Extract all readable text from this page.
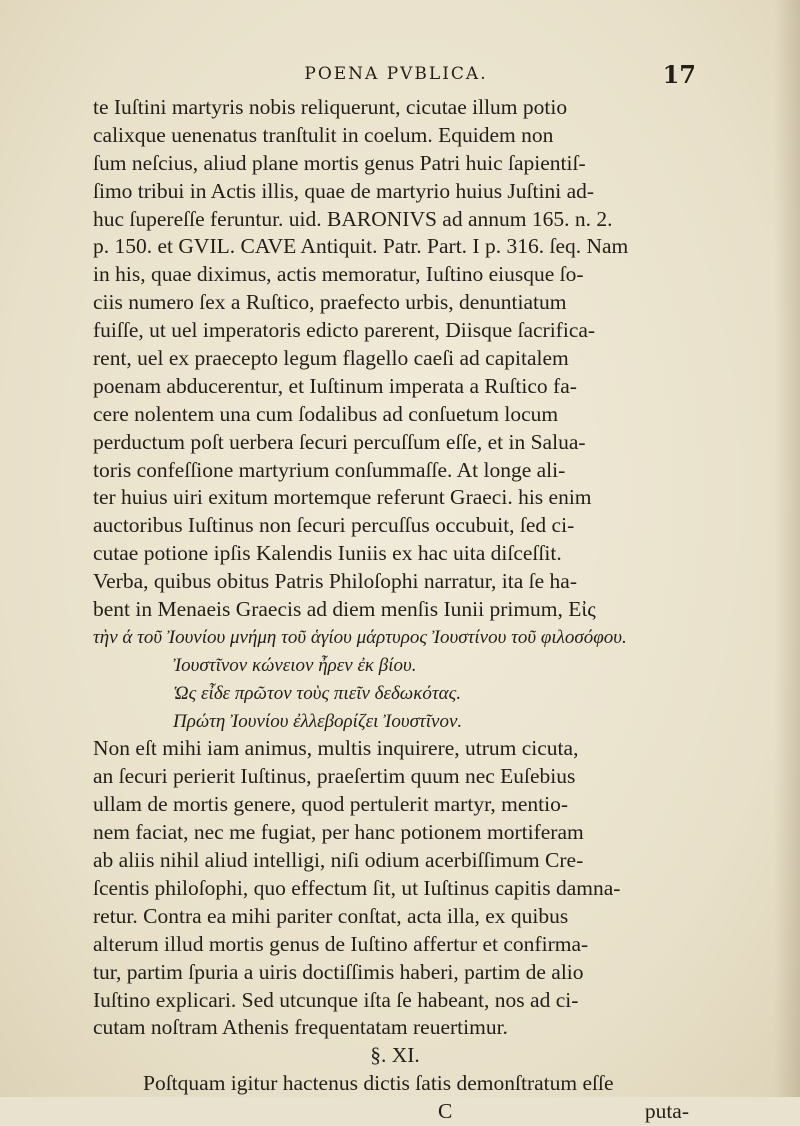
POENA PVBLICA.	17
te Iuſtini martyris nobis reliquerunt, cicutae illum potio
calixque uenenatus tranſtulit in coelum. Equidem non
ſum neſcius, aliud plane mortis genus Patri huic ſapientiſ-
ſimo tribui in Actis illis, quae de martyrio huius Juſtini ad-
huc ſupereſſe feruntur. uid. BARONIVS ad annum 165. n. 2.
p. 150. et GVIL. CAVE Antiquit. Patr. Part. I p. 316. ſeq. Nam
in his, quae diximus, actis memoratur, Iuſtino eiusque ſo-
ciis numero ſex a Ruſtico, praefecto urbis, denuntiatum
fuiſſe, ut uel imperatoris edicto parerent, Diisque ſacrifica-
rent, uel ex praecepto legum flagello caeſi ad capitalem
poenam abducerentur, et Iuſtinum imperata a Ruſtico fa-
cere nolentem una cum ſodalibus ad conſuetum locum
perductum poſt uerbera ſecuri percuſſum eſſe, et in Salua-
toris confeſſione martyrium conſummaſſe. At longe ali-
ter huius uiri exitum mortemque referunt Graeci. his enim
auctoribus Iuſtinus non ſecuri percuſſus occubuit, ſed ci-
cutae potione ipſis Kalendis Iuniis ex hac uita diſceſſit.
Verba, quibus obitus Patris Philoſophi narratur, ita ſe ha-
bent in Menaeis Graecis ad diem menſis Iunii primum, Εἰς
τὴν ά τοῦ Ἰουνίου μνήμη τοῦ ἁγίου μάρτυρος Ἰουστίνου τοῦ φιλοσόφου.
Ἰουστῖνον κώνειον ἦρεν ἐκ βίου.
Ὡς εἶδε πρῶτον τοὺς πιεῖν δεδωκότας.
Πρώτη Ἰουνίου ἐλλεβορίζει Ἰουστῖνον.
Non eſt mihi iam animus, multis inquirere, utrum cicuta,
an ſecuri perierit Iuſtinus, praeſertim quum nec Euſebius
ullam de mortis genere, quod pertulerit martyr, mentio-
nem faciat, nec me fugiat, per hanc potionem mortiferam
ab aliis nihil aliud intelligi, niſi odium acerbiſſimum Cre-
ſcentis philoſophi, quo effectum ſit, ut Iuſtinus capitis damna-
retur. Contra ea mihi pariter conſtat, acta illa, ex quibus
alterum illud mortis genus de Iuſtino affertur et confirma-
tur, partim ſpuria a uiris doctiſſimis haberi, partim de alio
Iuſtino explicari. Sed utcunque iſta ſe habeant, nos ad ci-
cutam noſtram Athenis frequentatam reuertimur.
§. XI.
Poſtquam igitur hactenus dictis ſatis demonſtratum eſſe
C	puta-
